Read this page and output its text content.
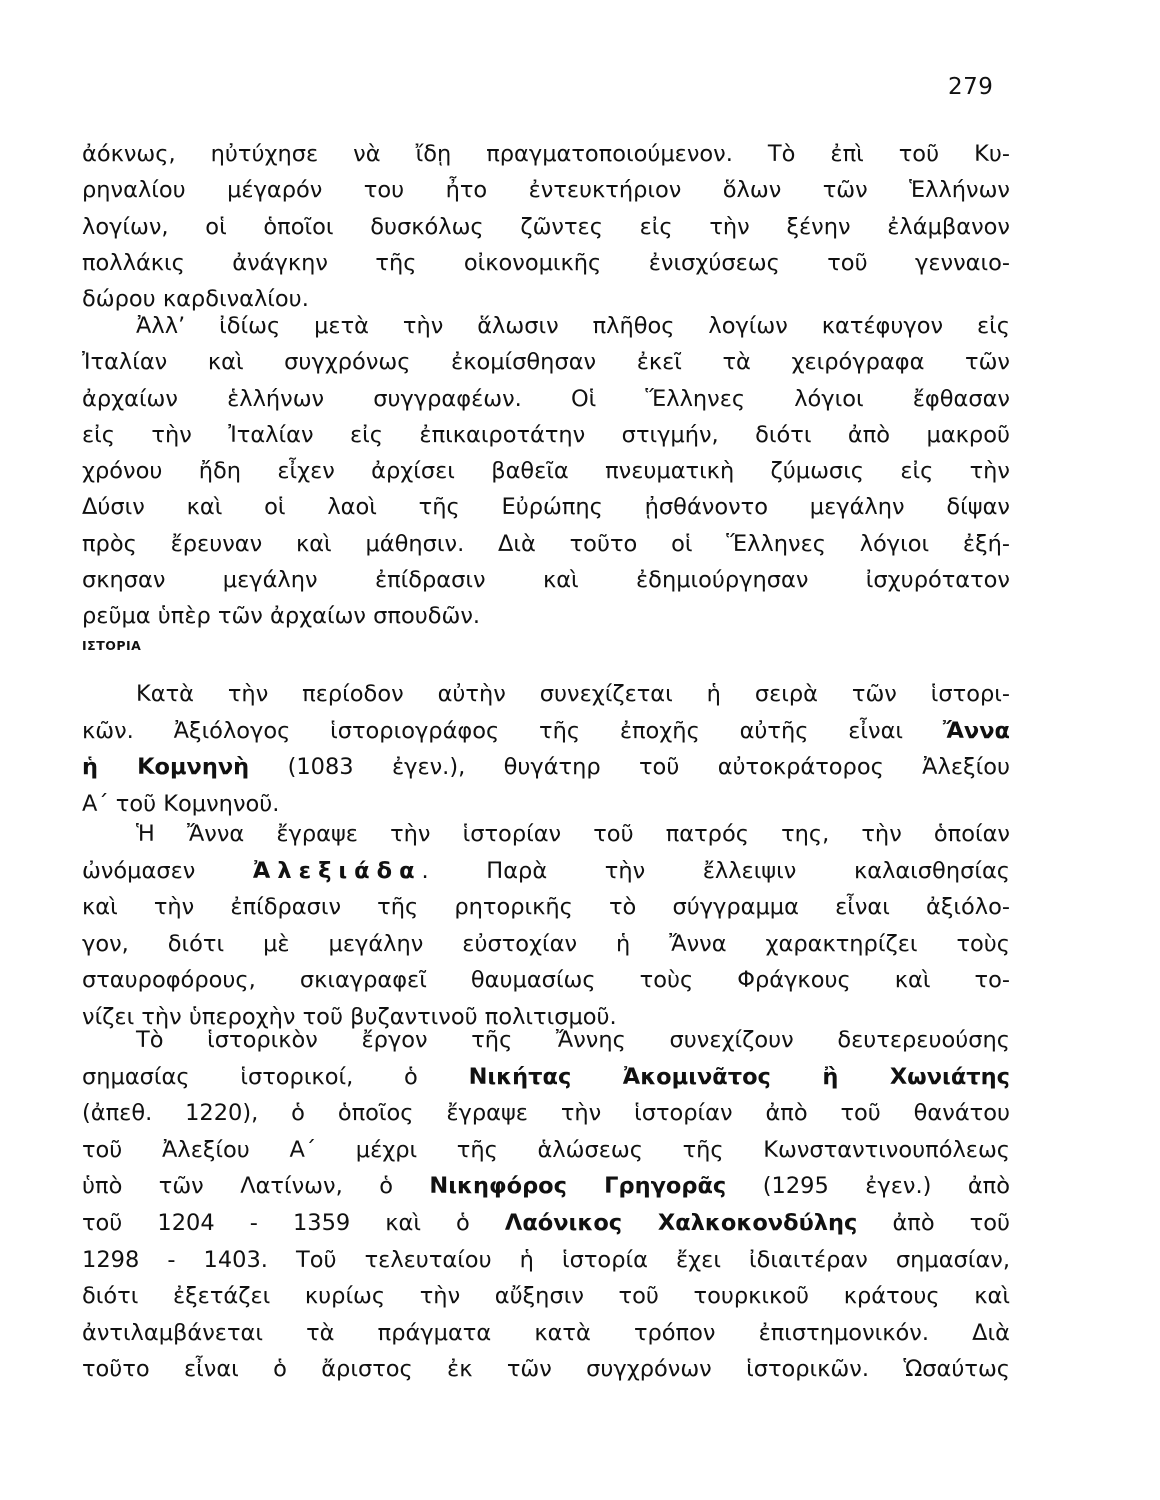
279
ἀόκνως, ηὐτύχησε νὰ ἴδῃ πραγματοποιούμενον. Τὸ ἐπὶ τοῦ Κυ-
ρηναλίου μέγαρόν του ἦτο ἐντευκτήριον ὅλων τῶν Ἑλλήνων
λογίων, οἱ ὁποῖοι δυσκόλως ζῶντες εἰς τὴν ξένην ἐλάμβανον
πολλάκις ἀνάγκην τῆς οἰκονομικῆς ἐνισχύσεως τοῦ γενναιο-
δώρου καρδιναλίου.
Ἀλλ’ ἰδίως μετὰ τὴν ἅλωσιν πλῆθος λογίων κατέφυγον εἰς
Ἰταλίαν καὶ συγχρόνως ἐκομίσθησαν ἐκεῖ τὰ χειρόγραφα τῶν
ἀρχαίων ἑλλήνων συγγραφέων. Οἱ Ἕλληνες λόγιοι ἔφθασαν
εἰς τὴν Ἰταλίαν εἰς ἐπικαιροτάτην στιγμήν, διότι ἀπὸ μακροῦ
χρόνου ἤδη εἶχεν ἀρχίσει βαθεῖα πνευματικὴ ζύμωσις εἰς τὴν
Δύσιν καὶ οἱ λαοὶ τῆς Εὐρώπης ᾐσθάνοντο μεγάλην δίψαν
πρὸς ἔρευναν καὶ μάθησιν. Διὰ τοῦτο οἱ Ἕλληνες λόγιοι ἐξή-
σκησαν μεγάλην ἐπίδρασιν καὶ ἐδημιούργησαν ἰσχυρότατον
ρεῦμα ὑπὲρ τῶν ἀρχαίων σπουδῶν.
ΙΣΤΟΡΙΑ
Κατὰ τὴν περίοδον αὐτὴν συνεχίζεται ἡ σειρὰ τῶν ἱστορι-
κῶν. Ἀξιόλογος ἱστοριογράφος τῆς ἐποχῆς αὐτῆς εἶναι Ἄννα
ἡ Κομνηνὴ (1083 ἐγεν.), θυγάτηρ τοῦ αὐτοκράτορος Ἀλεξίου
Α´ τοῦ Κομνηνοῦ.
Ἡ Ἄννα ἔγραψε τὴν ἱστορίαν τοῦ πατρός της, τὴν ὁποίαν
ὠνόμασεν Ἀλεξιάδα. Παρὰ τὴν ἔλλειψιν καλαισθησίας
καὶ τὴν ἐπίδρασιν τῆς ρητορικῆς τὸ σύγγραμμα εἶναι ἀξιόλο-
γον, διότι μὲ μεγάλην εὐστοχίαν ἡ Ἄννα χαρακτηρίζει τοὺς
σταυροφόρους, σκιαγραφεῖ θαυμασίως τοὺς Φράγκους καὶ το-
νίζει τὴν ὑπεροχὴν τοῦ βυζαντινοῦ πολιτισμοῦ.
Τὸ ἱστορικὸν ἔργον τῆς Ἄννης συνεχίζουν δευτερευούσης
σημασίας ἱστορικοί, ὁ Νικήτας Ἀκομινᾶτος ἢ Χωνιάτης
(ἀπεθ. 1220), ὁ ὁποῖος ἔγραψε τὴν ἱστορίαν ἀπὸ τοῦ θανάτου
τοῦ Ἀλεξίου Α´ μέχρι τῆς ἁλώσεως τῆς Κωνσταντινουπόλεως
ὑπὸ τῶν Λατίνων, ὁ Νικηφόρος Γρηγορᾶς (1295 ἐγεν.) ἀπὸ
τοῦ 1204 - 1359 καὶ ὁ Λαόνικος Χαλκοκονδύλης ἀπὸ τοῦ
1298 - 1403. Τοῦ τελευταίου ἡ ἱστορία ἔχει ἰδιαιτέραν σημασίαν,
διότι ἐξετάζει κυρίως τὴν αὔξησιν τοῦ τουρκικοῦ κράτους καὶ
ἀντιλαμβάνεται τὰ πράγματα κατὰ τρόπον ἐπιστημονικόν. Διὰ
τοῦτο εἶναι ὁ ἄριστος ἐκ τῶν συγχρόνων ἱστορικῶν. Ὡσαύτως
